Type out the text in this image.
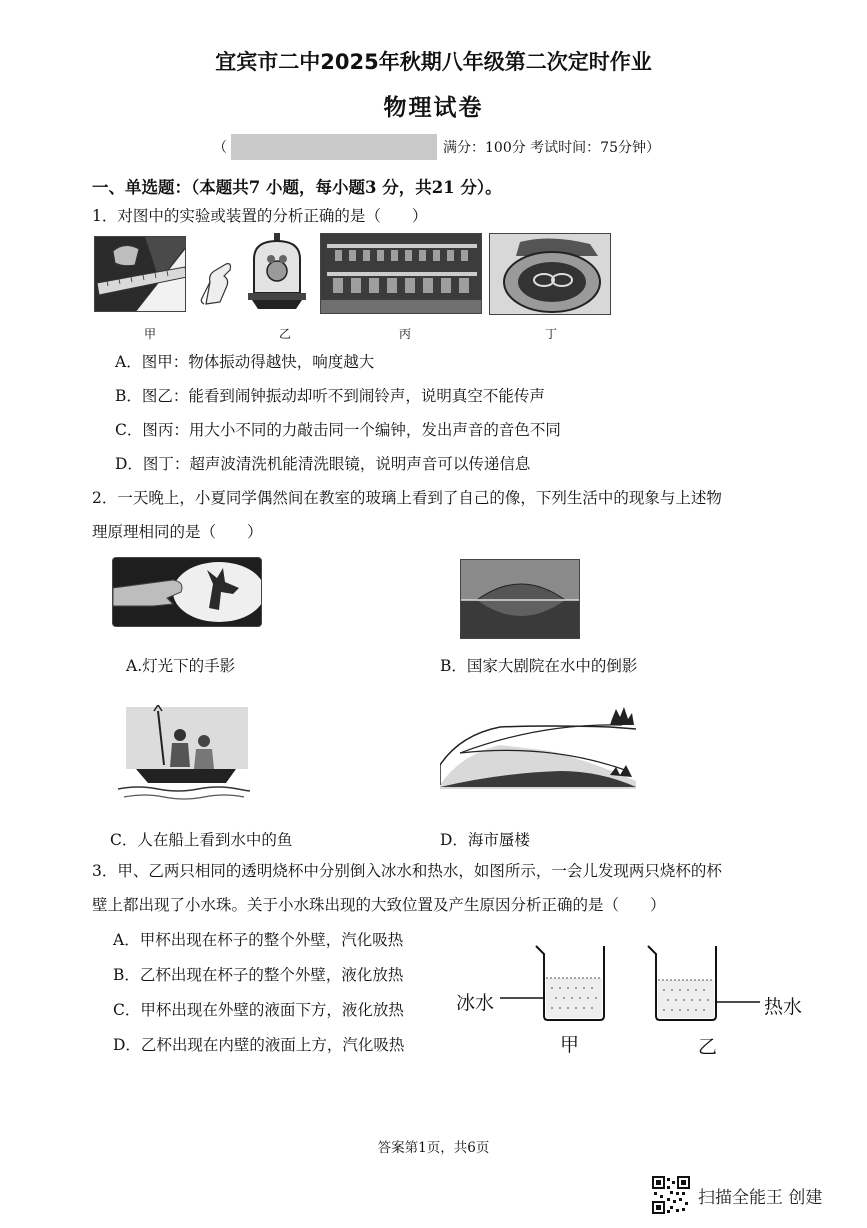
宜宾市二中2025年秋期八年级第二次定时作业
物理试卷
（	满分：100分 考试时间：75分钟）
一、单选题：（本题共7 小题，每小题3 分，共21 分）。
1．对图中的实验或装置的分析正确的是（　　）
甲	乙	丙	丁
A．图甲：物体振动得越快，响度越大
B．图乙：能看到闹钟振动却听不到闹铃声，说明真空不能传声
C．图丙：用大小不同的力敲击同一个编钟，发出声音的音色不同
D．图丁：超声波清洗机能清洗眼镜，说明声音可以传递信息
2．一天晚上，小夏同学偶然间在教室的玻璃上看到了自己的像，下列生活中的现象与上述物
理原理相同的是（　　）
A.灯光下的手影	B．国家大剧院在水中的倒影
C．人在船上看到水中的鱼	D．海市蜃楼
3．甲、乙两只相同的透明烧杯中分别倒入冰水和热水，如图所示，一会儿发现两只烧杯的杯
壁上都出现了小水珠。关于小水珠出现的大致位置及产生原因分析正确的是（　　）
A．甲杯出现在杯子的整个外壁，汽化吸热
B．乙杯出现在杯子的整个外壁，液化放热
C．甲杯出现在外壁的液面下方，液化放热
D．乙杯出现在内壁的液面上方，汽化吸热
冰水	热水
甲	乙
答案第1页，共6页
扫描全能王 创建
